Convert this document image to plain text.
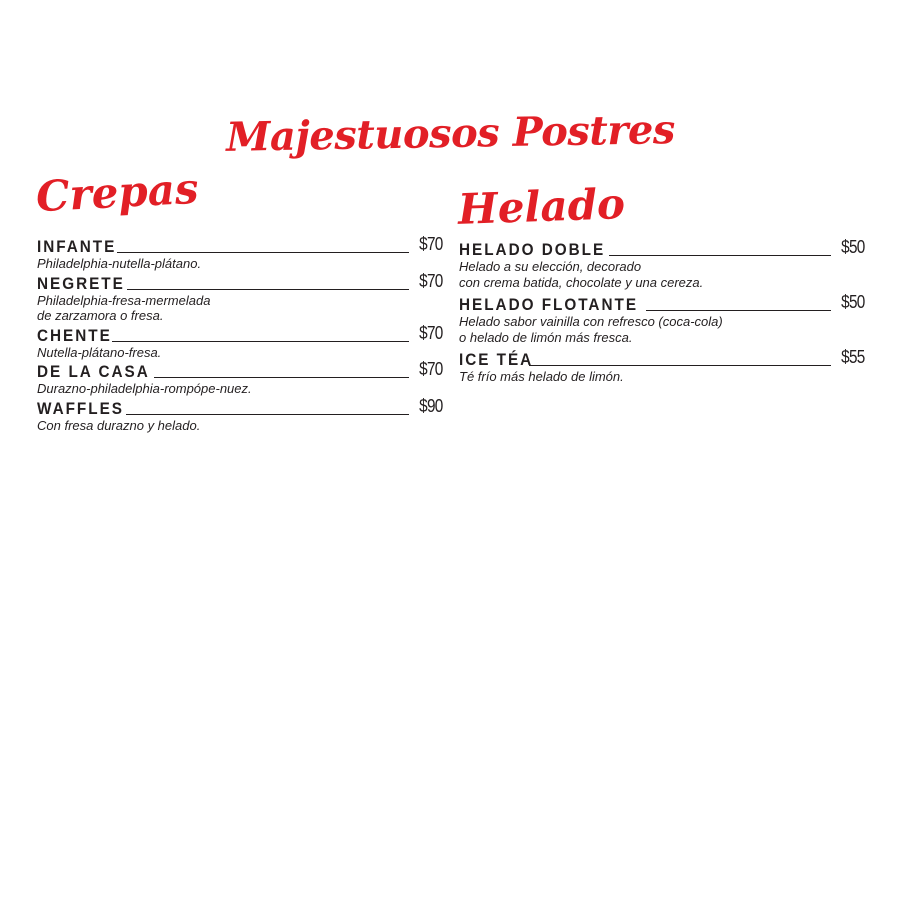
Majestuosos Postres
Crepas	Helado
INFANTE	$70

Philadelphia-nutella-plátano.

NEGRETE	$70

Philadelphia-fresa-mermelada

de zarzamora o fresa.

CHENTE	$70

Nutella-plátano-fresa.

DE LA CASA	$70

Durazno-philadelphia-rompópe-nuez.

WAFFLES	$90

Con fresa durazno y helado.

HELADO DOBLE	$50

Helado a su elección, decorado

con crema batida, chocolate y una cereza.

HELADO FLOTANTE	$50

Helado sabor vainilla con refresco (coca-cola)

o helado de limón más fresca.

ICE TÉA	$55

Té frío más helado de limón.
